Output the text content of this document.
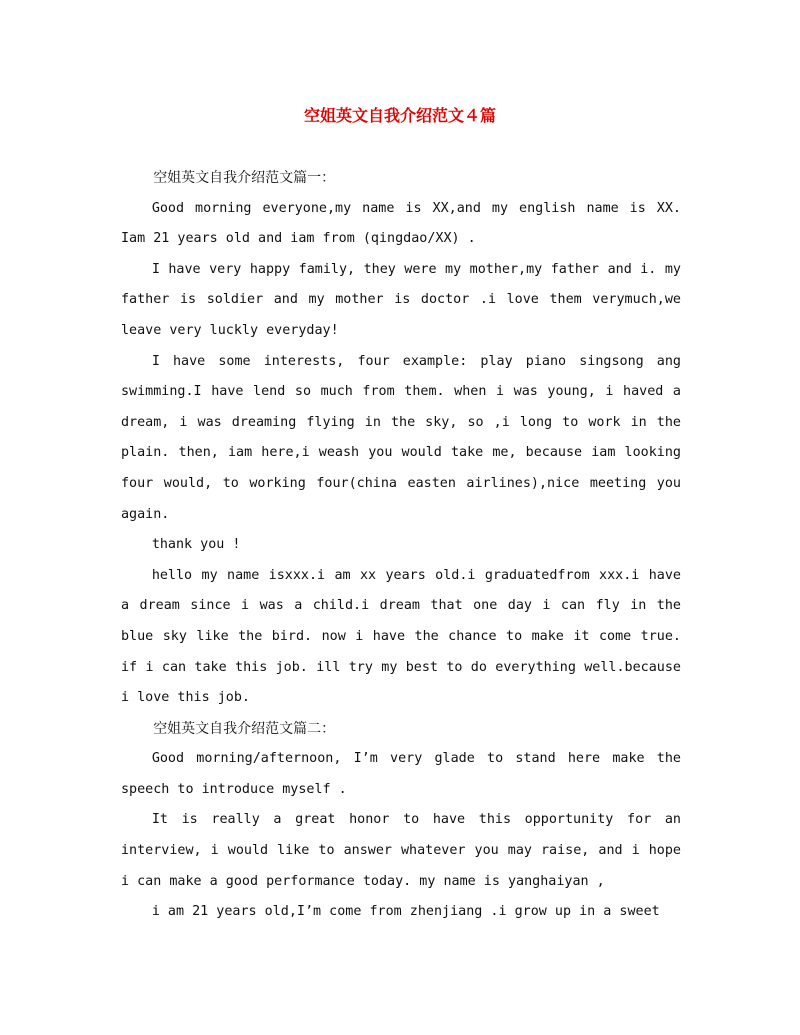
空姐英文自我介绍范文４篇

空姐英文自我介绍范文篇一：

Good morning everyone,my name is XX,and my english name is XX. Iam 21 years old and iam from (qingdao/XX) .

I have very happy family, they were my mother,my father and i. my father is soldier and my mother is doctor .i love them verymuch,we leave very luckly everyday!

I have some interests, four example: play piano singsong ang swimming.I have lend so much from them. when i was young, i haved a dream, i was dreaming flying in the sky, so ,i long to work in the plain. then, iam here,i weash you would take me, because iam looking four would, to working four(china easten airlines),nice meeting you again.

thank you !

hello my name isxxx.i am xx years old.i graduatedfrom xxx.i have a dream since i was a child.i dream that one day i can fly in the blue sky like the bird. now i have the chance to make it come true. if i can take this job. ill try my best to do everything well.because i love this job.

空姐英文自我介绍范文篇二：

Good morning/afternoon, I’m very glade to stand here make the speech to introduce myself .

It is really a great honor to have this opportunity for an interview, i would like to answer whatever you may raise, and i hope i can make a good performance today. my name is yanghaiyan ,

i am 21 years old,I’m come from zhenjiang .i grow up in a sweet
